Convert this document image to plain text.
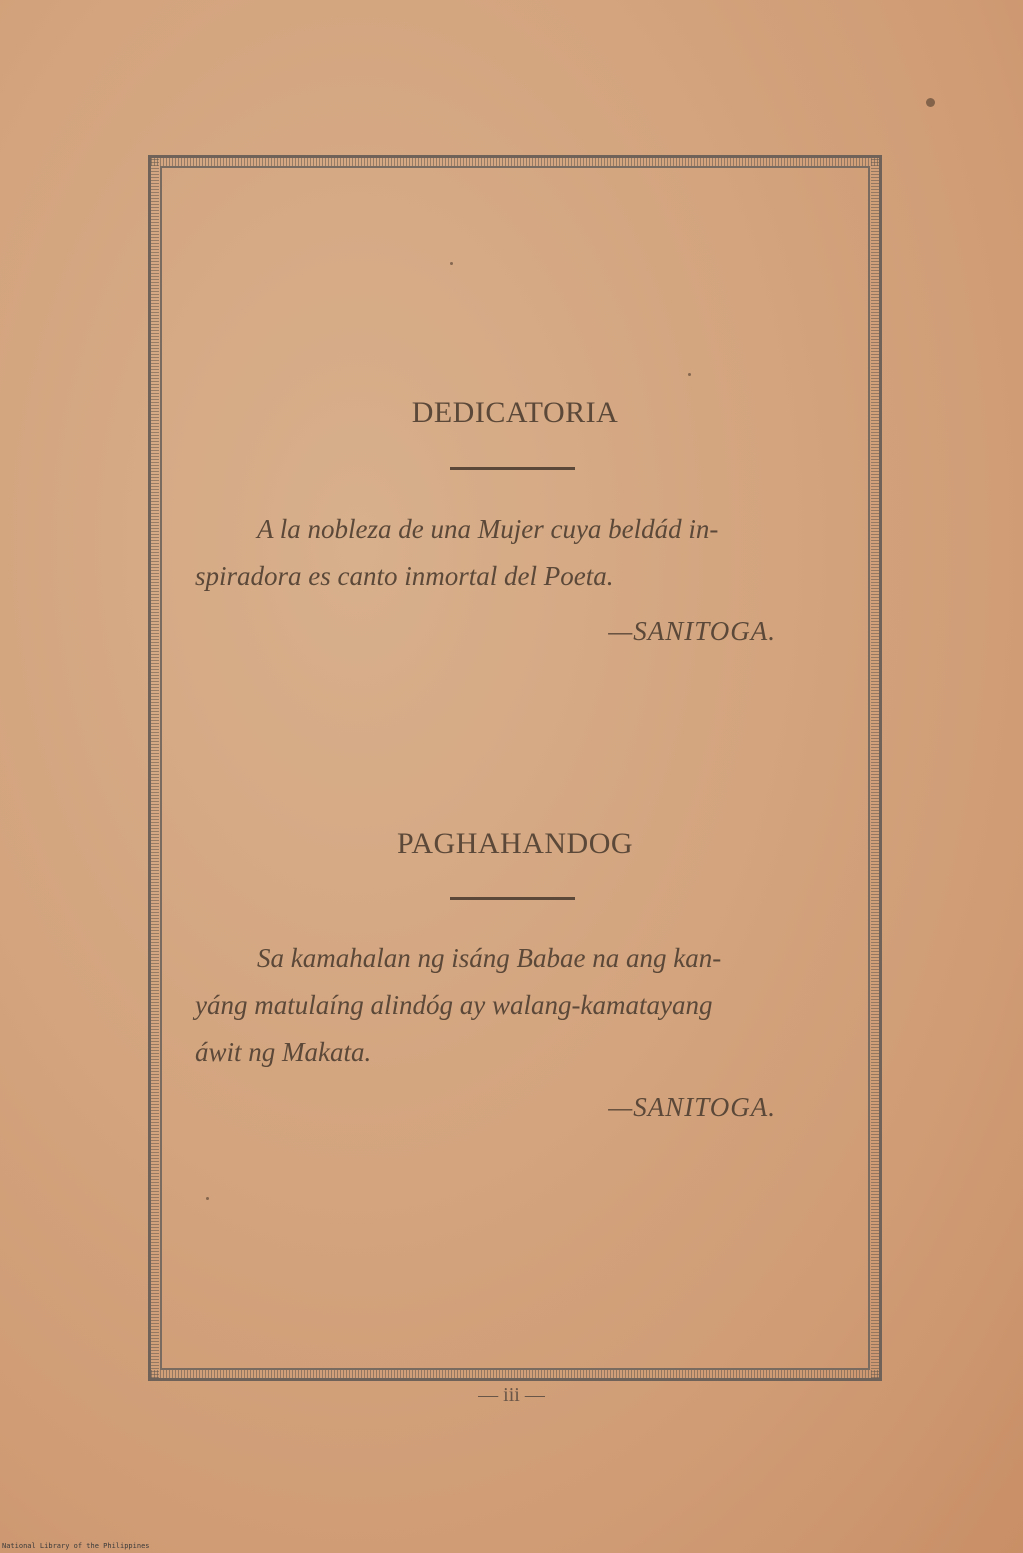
DEDICATORIA
A la nobleza de una Mujer cuya beldád in-
spiradora es canto inmortal del Poeta.
—SANITOGA.
PAGHAHANDOG
Sa kamahalan ng isáng Babae na ang kan-
yáng matulaíng alindóg ay walang-kamatayang
áwit ng Makata.
—SANITOGA.
— iii —
National Library of the Philippines
